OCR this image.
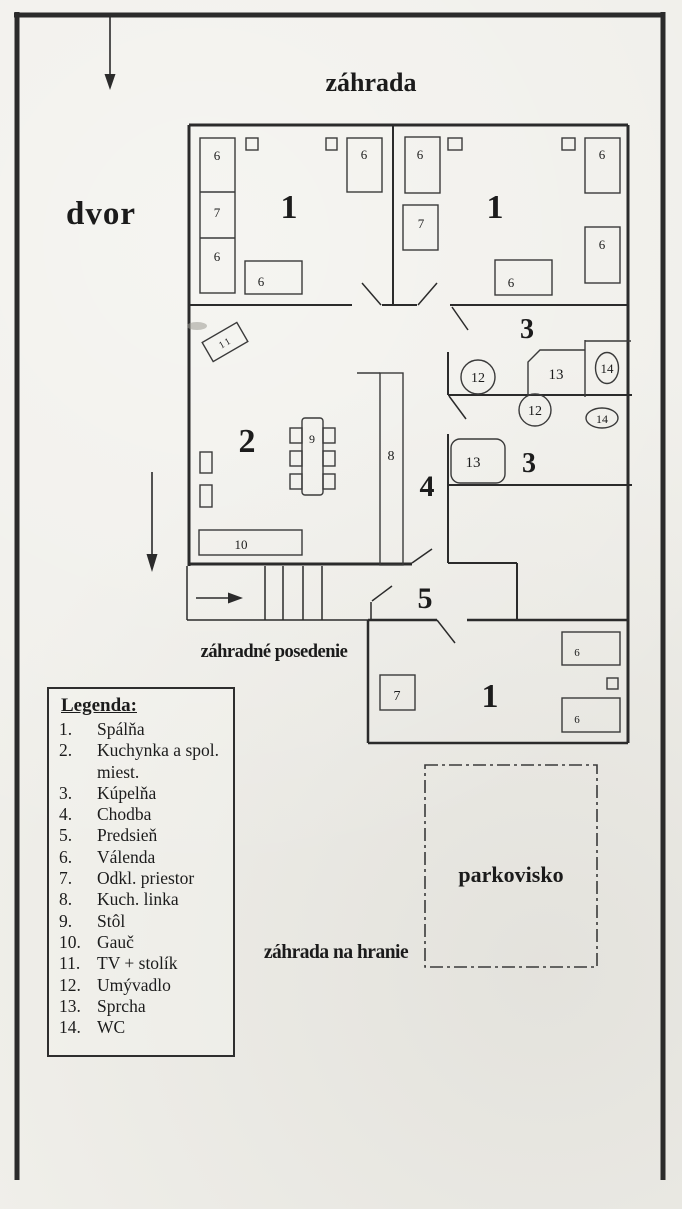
11
1	1
1
2
3
3
4
5
6
7
6
6
6
6
7
6
6
6
12
14
12	14
13
13
9
10
8
7
6
6
záhrada
dvor
záhradné posedenie
záhrada na hranie
parkovisko
Legenda:
1.	Spálňa
2.	Kuchynka a spol. miest.
3.	Kúpelňa
4.	Chodba
5.	Predsieň
6.	Válenda
7.	Odkl. priestor
8.	Kuch. linka
9.	Stôl
10. Gauč
11. TV + stolík
12. Umývadlo
13. Sprcha
14. WC
